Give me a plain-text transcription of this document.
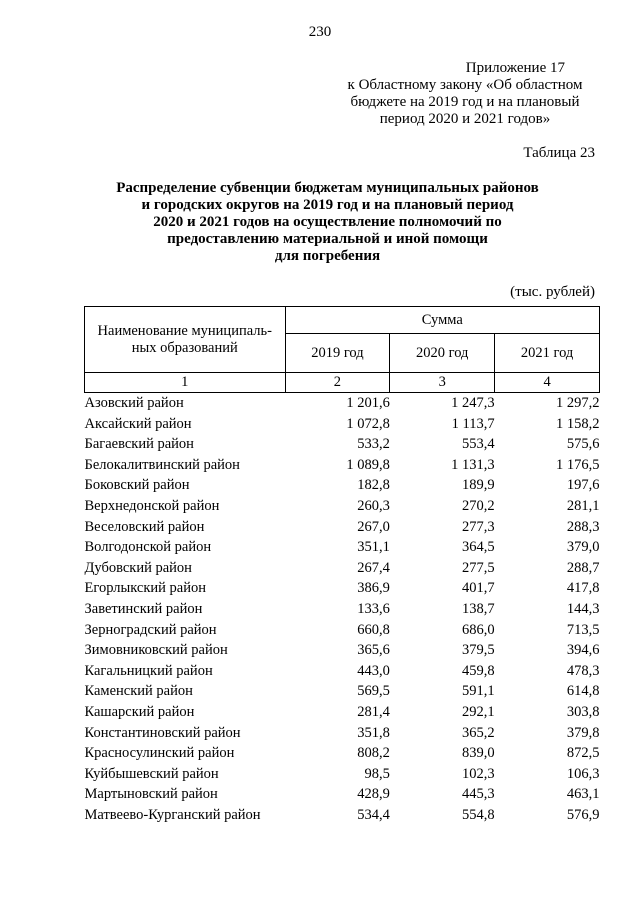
230
Приложение 17
к Областному закону «Об областном
бюджете на 2019 год и на плановый
период 2020 и 2021 годов»
Таблица 23
Распределение субвенции бюджетам муниципальных районов
и городских округов на 2019 год и на плановый период
2020 и 2021 годов на осуществление полномочий по
предоставлению материальной и иной помощи
для погребения
(тыс. рублей)
Наименование муниципаль-
ных образований	Сумма		
	2019 год	2020 год	2021 год
1	2	3	4
Азовский район	1 201,6	1 247,3	1 297,2
Аксайский район	1 072,8	1 113,7	1 158,2
Багаевский район	533,2	553,4	575,6
Белокалитвинский район	1 089,8	1 131,3	1 176,5
Боковский район	182,8	189,9	197,6
Верхнедонской район	260,3	270,2	281,1
Веселовский район	267,0	277,3	288,3
Волгодонской район	351,1	364,5	379,0
Дубовский район	267,4	277,5	288,7
Егорлыкский район	386,9	401,7	417,8
Заветинский район	133,6	138,7	144,3
Зерноградский район	660,8	686,0	713,5
Зимовниковский район	365,6	379,5	394,6
Кагальницкий район	443,0	459,8	478,3
Каменский район	569,5	591,1	614,8
Кашарский район	281,4	292,1	303,8
Константиновский район	351,8	365,2	379,8
Красносулинский район	808,2	839,0	872,5
Куйбышевский район	98,5	102,3	106,3
Мартыновский район	428,9	445,3	463,1
Матвеево-Курганский район	534,4	554,8	576,9
